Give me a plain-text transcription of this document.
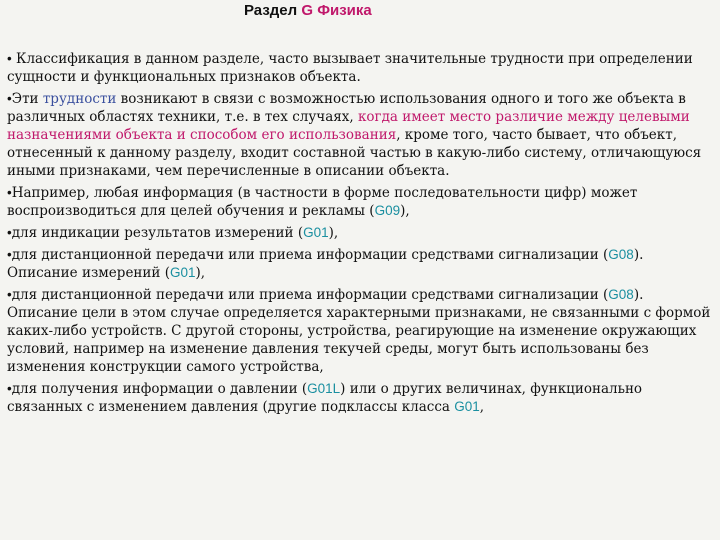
Раздел G Физика

• Классификация в данном разделе, часто вызывает значительные трудности при определении сущности и функциональных признаков объекта.

•Эти трудности возникают в связи с возможностью использования одного и того же объекта в различных областях техники, т.е. в тех случаях, когда имеет место различие между целевыми назначениями объекта и способом его использования, кроме того, часто бывает, что объект, отнесенный к данному разделу, входит составной частью в какую-либо систему, отличающуюся иными признаками, чем перечисленные в описании объекта.

•Например, любая информация (в частности в форме последовательности цифр) может воспроизводиться для целей обучения и рекламы (G09),

•для индикации результатов измерений (G01),

•для дистанционной передачи или приема информации средствами сигнализации (G08). Описание измерений (G01),

•для дистанционной передачи или приема информации средствами сигнализации (G08). Описание цели в этом случае определяется характерными признаками, не связанными с формой каких-либо устройств. С другой стороны, устройства, реагирующие на изменение окружающих условий, например на изменение давления текучей среды, могут быть использованы без изменения конструкции самого устройства,

•для получения информации о давлении (G01L) или о других величинах, функционально связанных с изменением давления (другие подклассы класса G01,
